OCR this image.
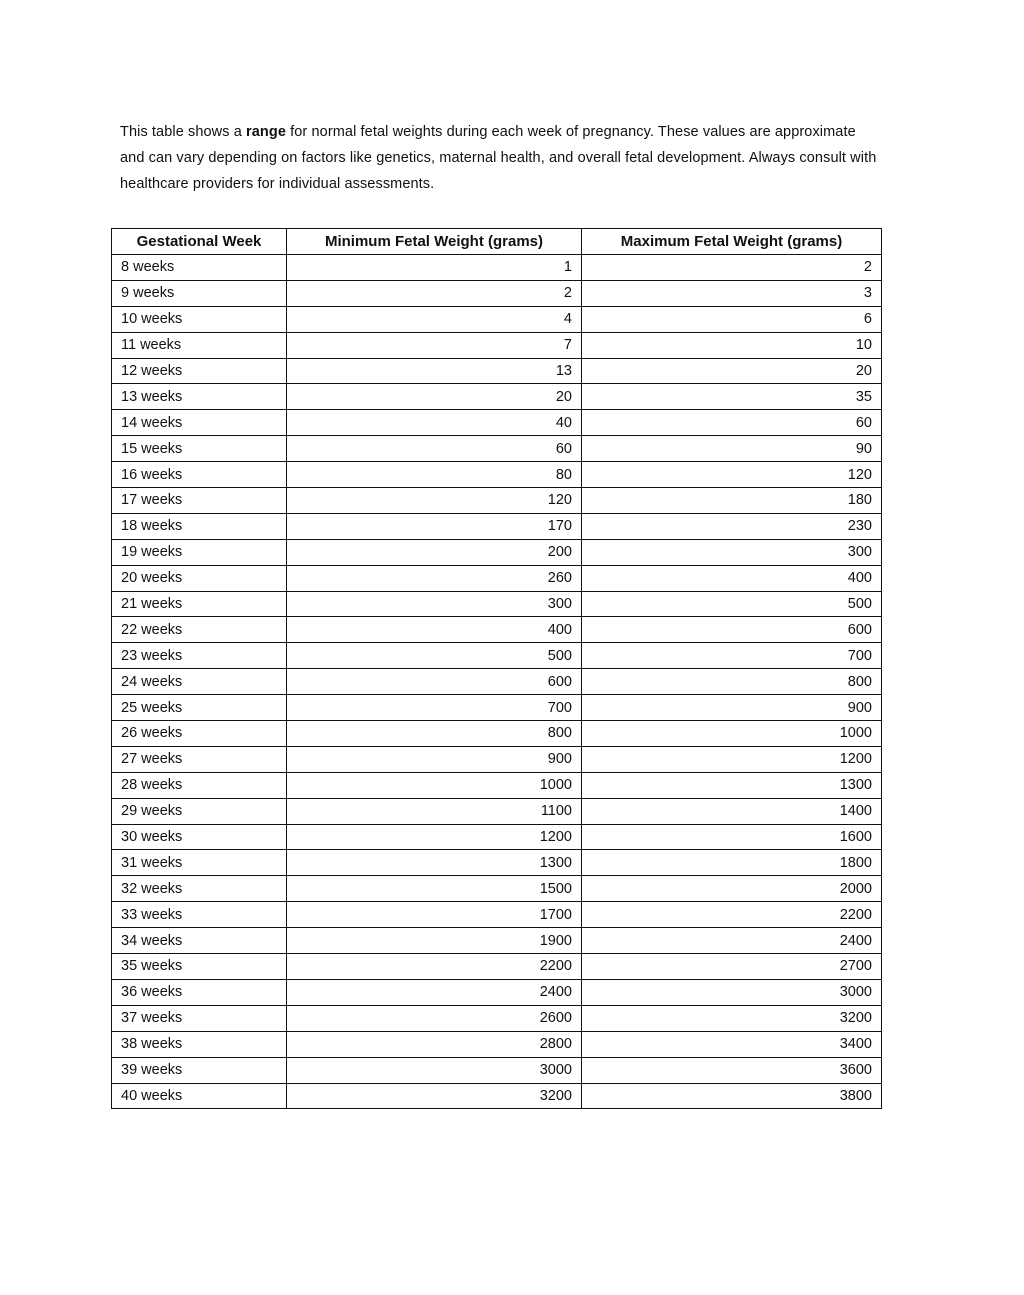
This table shows a range for normal fetal weights during each week of pregnancy. These values are approximate and can vary depending on factors like genetics, maternal health, and overall fetal development. Always consult with healthcare providers for individual assessments.

Gestational Week	Minimum Fetal Weight (grams)	Maximum Fetal Weight (grams)
8 weeks	1	2
9 weeks	2	3
10 weeks	4	6
11 weeks	7	10
12 weeks	13	20
13 weeks	20	35
14 weeks	40	60
15 weeks	60	90
16 weeks	80	120
17 weeks	120	180
18 weeks	170	230
19 weeks	200	300
20 weeks	260	400
21 weeks	300	500
22 weeks	400	600
23 weeks	500	700
24 weeks	600	800
25 weeks	700	900
26 weeks	800	1000
27 weeks	900	1200
28 weeks	1000	1300
29 weeks	1100	1400
30 weeks	1200	1600
31 weeks	1300	1800
32 weeks	1500	2000
33 weeks	1700	2200
34 weeks	1900	2400
35 weeks	2200	2700
36 weeks	2400	3000
37 weeks	2600	3200
38 weeks	2800	3400
39 weeks	3000	3600
40 weeks	3200	3800
